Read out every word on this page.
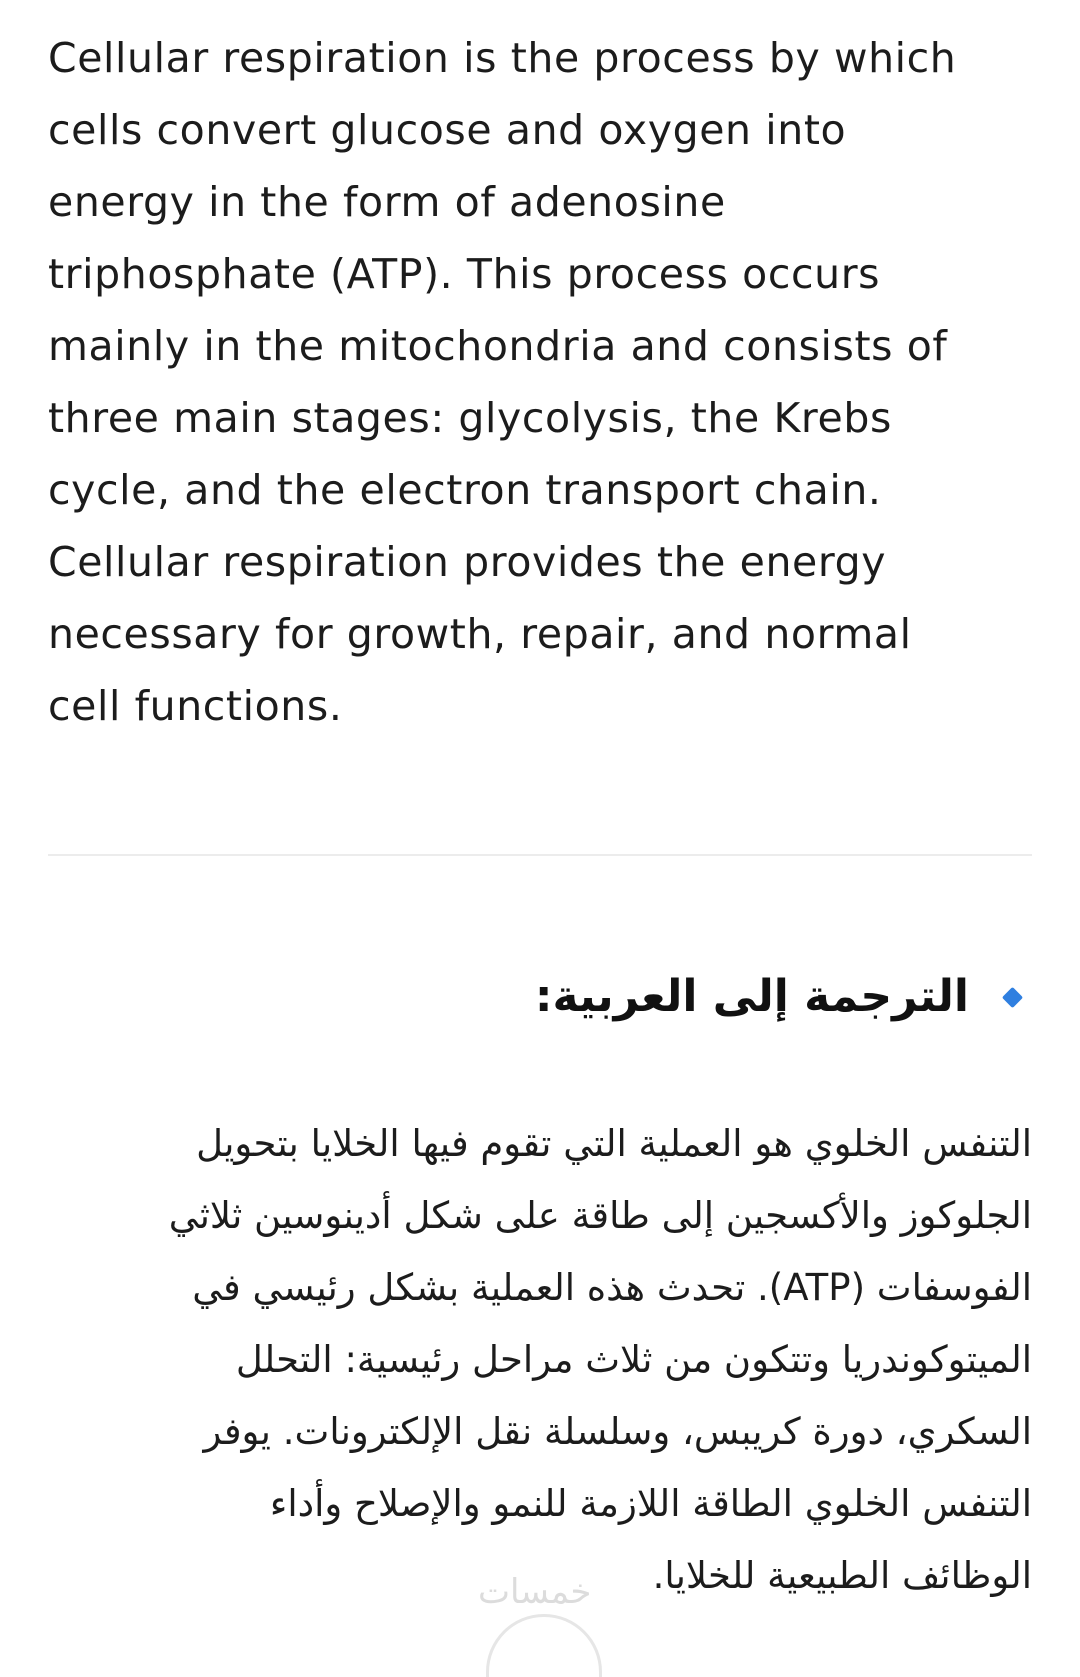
Cellular respiration is the process by which
cells convert glucose and oxygen into
energy in the form of adenosine
triphosphate (ATP). This process occurs
mainly in the mitochondria and consists of
three main stages: glycolysis, the Krebs
cycle, and the electron transport chain.
Cellular respiration provides the energy
necessary for growth, repair, and normal
cell functions.

الترجمة إلى العربية:

التنفس الخلوي هو العملية التي تقوم فيها الخلايا بتحويل
الجلوكوز والأكسجين إلى طاقة على شكل أدينوسين ثلاثي
الفوسفات (ATP). تحدث هذه العملية بشكل رئيسي في
الميتوكوندريا وتتكون من ثلاث مراحل رئيسية: التحلل
السكري، دورة كريبس، وسلسلة نقل الإلكترونات. يوفر
التنفس الخلوي الطاقة اللازمة للنمو والإصلاح وأداء
الوظائف الطبيعية للخلايا.

خمسات
